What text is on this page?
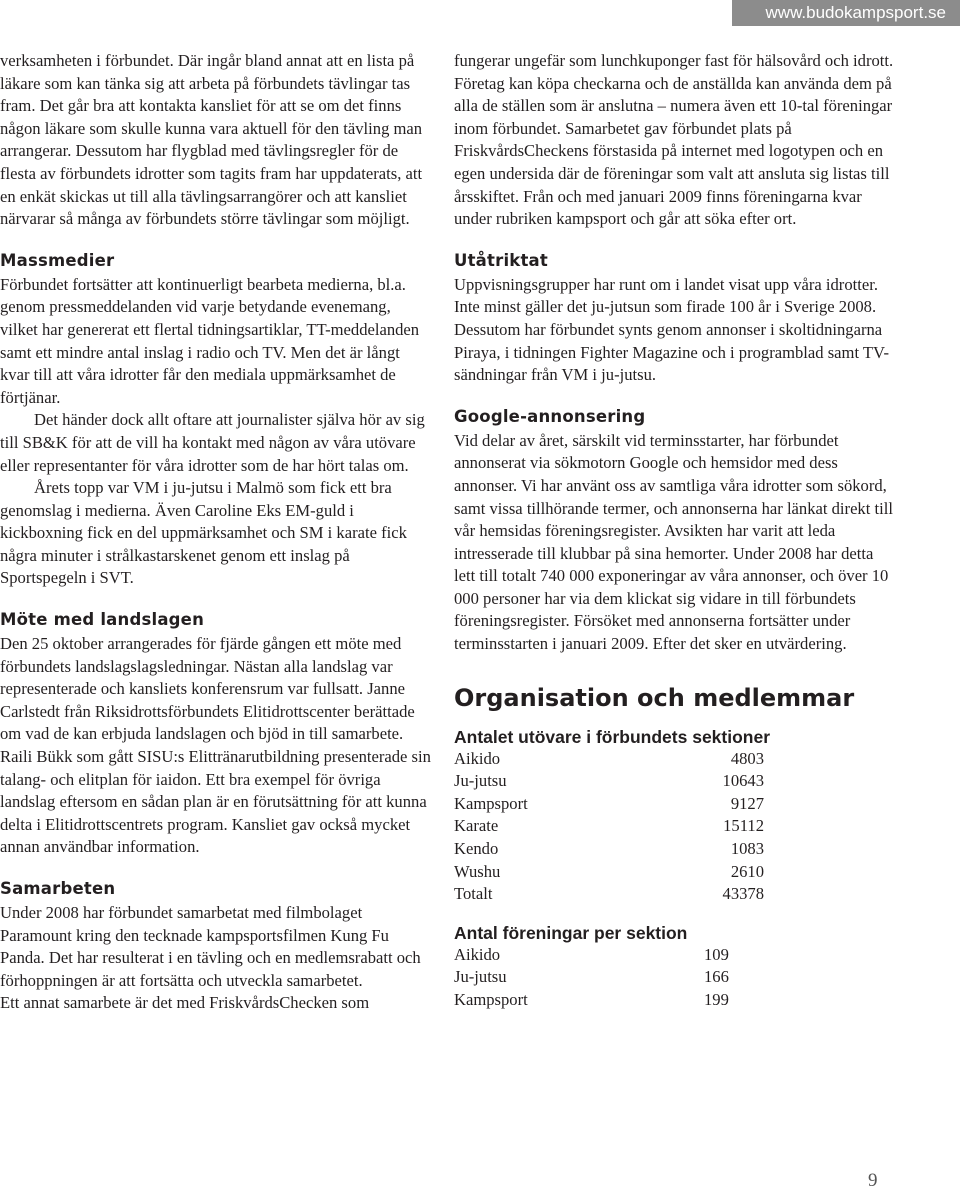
www.budokampsport.se

verksamheten i förbundet. Där ingår bland annat att en lista på läkare som kan tänka sig att arbeta på förbundets tävlingar tas fram. Det går bra att kontakta kansliet för att se om det finns någon läkare som skulle kunna vara aktuell för den tävling man arrangerar. Dessutom har flygblad med tävlingsregler för de flesta av förbundets idrotter som tagits fram har uppdaterats, att en enkät skickas ut till alla tävlingsarrangörer och att kansliet närvarar så många av förbundets större tävlingar som möjligt.

Massmedier

Förbundet fortsätter att kontinuerligt bearbeta medierna, bl.a. genom pressmeddelanden vid varje betydande evenemang, vilket har genererat ett flertal tidningsartiklar, TT-meddelanden samt ett mindre antal inslag i radio och TV. Men det är långt kvar till att våra idrotter får den mediala uppmärksamhet de förtjänar.

Det händer dock allt oftare att journalister själva hör av sig till SB&K för att de vill ha kontakt med någon av våra utövare eller representanter för våra idrotter som de har hört talas om.

Årets topp var VM i ju-jutsu i Malmö som fick ett bra genomslag i medierna. Även Caroline Eks EM-guld i kickboxning fick en del uppmärksamhet och SM i karate fick några minuter i strålkastarskenet genom ett inslag på Sportspegeln i SVT.

Möte med landslagen

Den 25 oktober arrangerades för fjärde gången ett möte med förbundets landslagslagsledningar. Nästan alla landslag var representerade och kansliets konferensrum var fullsatt. Janne Carlstedt från Riksidrottsförbundets Elitidrottscenter berättade om vad de kan erbjuda landslagen och bjöd in till samarbete. Raili Bükk som gått SISU:s Elittränarutbildning presenterade sin talang- och elitplan för iaidon. Ett bra exempel för övriga landslag eftersom en sådan plan är en förutsättning för att kunna delta i Elitidrottscentrets program. Kansliet gav också mycket annan användbar information.

Samarbeten

Under 2008 har förbundet samarbetat med filmbolaget Paramount kring den tecknade kampsportsfilmen Kung Fu Panda. Det har resulterat i en tävling och en medlemsrabatt och förhoppningen är att fortsätta och utveckla samarbetet.

Ett annat samarbete är det med FriskvårdsChecken som

fungerar ungefär som lunchkuponger fast för hälsovård och idrott. Företag kan köpa checkarna och de anställda kan använda dem på alla de ställen som är anslutna – numera även ett 10-tal föreningar inom förbundet. Samarbetet gav förbundet plats på FriskvårdsCheckens förstasida på internet med logotypen och en egen undersida där de föreningar som valt att ansluta sig listas till årsskiftet. Från och med januari 2009 finns föreningarna kvar under rubriken kampsport och går att söka efter ort.

Utåtriktat

Uppvisningsgrupper har runt om i landet visat upp våra idrotter. Inte minst gäller det ju-jutsun som firade 100 år i Sverige 2008. Dessutom har förbundet synts genom annonser i skoltidningarna Piraya, i tidningen Fighter Magazine och i programblad samt TV-sändningar från VM i ju-jutsu.

Google-annonsering

Vid delar av året, särskilt vid terminsstarter, har förbundet annonserat via sökmotorn Google och hemsidor med dess annonser. Vi har använt oss av samtliga våra idrotter som sökord, samt vissa tillhörande termer, och annonserna har länkat direkt till vår hemsidas föreningsregister. Avsikten har varit att leda intresserade till klubbar på sina hemorter. Under 2008 har detta lett till totalt 740 000 exponeringar av våra annonser, och över 10 000 personer har via dem klickat sig vidare in till förbundets föreningsregister. Försöket med annonserna fortsätter under terminsstarten i januari 2009. Efter det sker en utvärdering.

Organisation och medlemmar
Antalet utövare i förbundets sektioner
Aikido	4803
Ju-jutsu	10643
Kampsport	9127
Karate	15112
Kendo	1083
Wushu	2610
Totalt	43378
Antal föreningar per sektion
Aikido	109
Ju-jutsu	166
Kampsport	199
9
